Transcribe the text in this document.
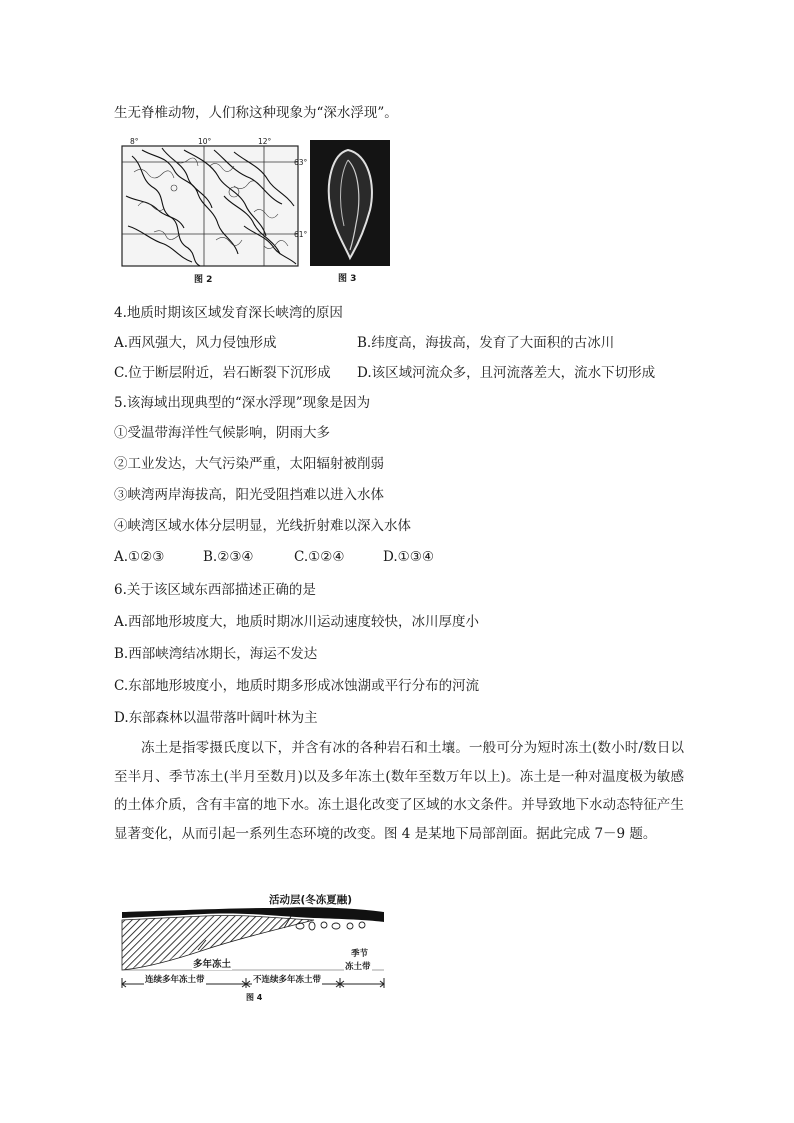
生无脊椎动物，人们称这种现象为“深水浮现”。
8°	10°	12°
63°
61°
图 2	图 3
4.地质时期该区域发育深长峡湾的原因
A.西风强大，风力侵蚀形成	B.纬度高，海拔高，发育了大面积的古冰川
C.位于断层附近，岩石断裂下沉形成 D.该区域河流众多，且河流落差大，流水下切形成
5.该海域出现典型的“深水浮现”现象是因为
①受温带海洋性气候影响，阴雨大多
②工业发达，大气污染严重，太阳辐射被削弱
③峡湾两岸海拔高，阳光受阻挡难以进入水体
④峡湾区域水体分层明显，光线折射难以深入水体
A.①②③	B.②③④	C.①②④	D.①③④
6.关于该区域东西部描述正确的是
A.西部地形坡度大，地质时期冰川运动速度较快，冰川厚度小
B.西部峡湾结冰期长，海运不发达
C.东部地形坡度小，地质时期多形成冰蚀湖或平行分布的河流
D.东部森林以温带落叶阔叶林为主
冻土是指零摄氏度以下，并含有冰的各种岩石和土壤。一般可分为短时冻土(数小时/数日以至半月、季节冻土(半月至数月)以及多年冻土(数年至数万年以上)。冻土是一种对温度极为敏感的土体介质，含有丰富的地下水。冻土退化改变了区域的水文条件。并导致地下水动态特征产生显著变化，从而引起一系列生态环境的改变。图 4 是某地下局部剖面。据此完成 7－9 题。
活动层(冬冻夏融)
多年冻土
连续多年冻土带	不连续多年冻土带
季节
冻土带
图 4
